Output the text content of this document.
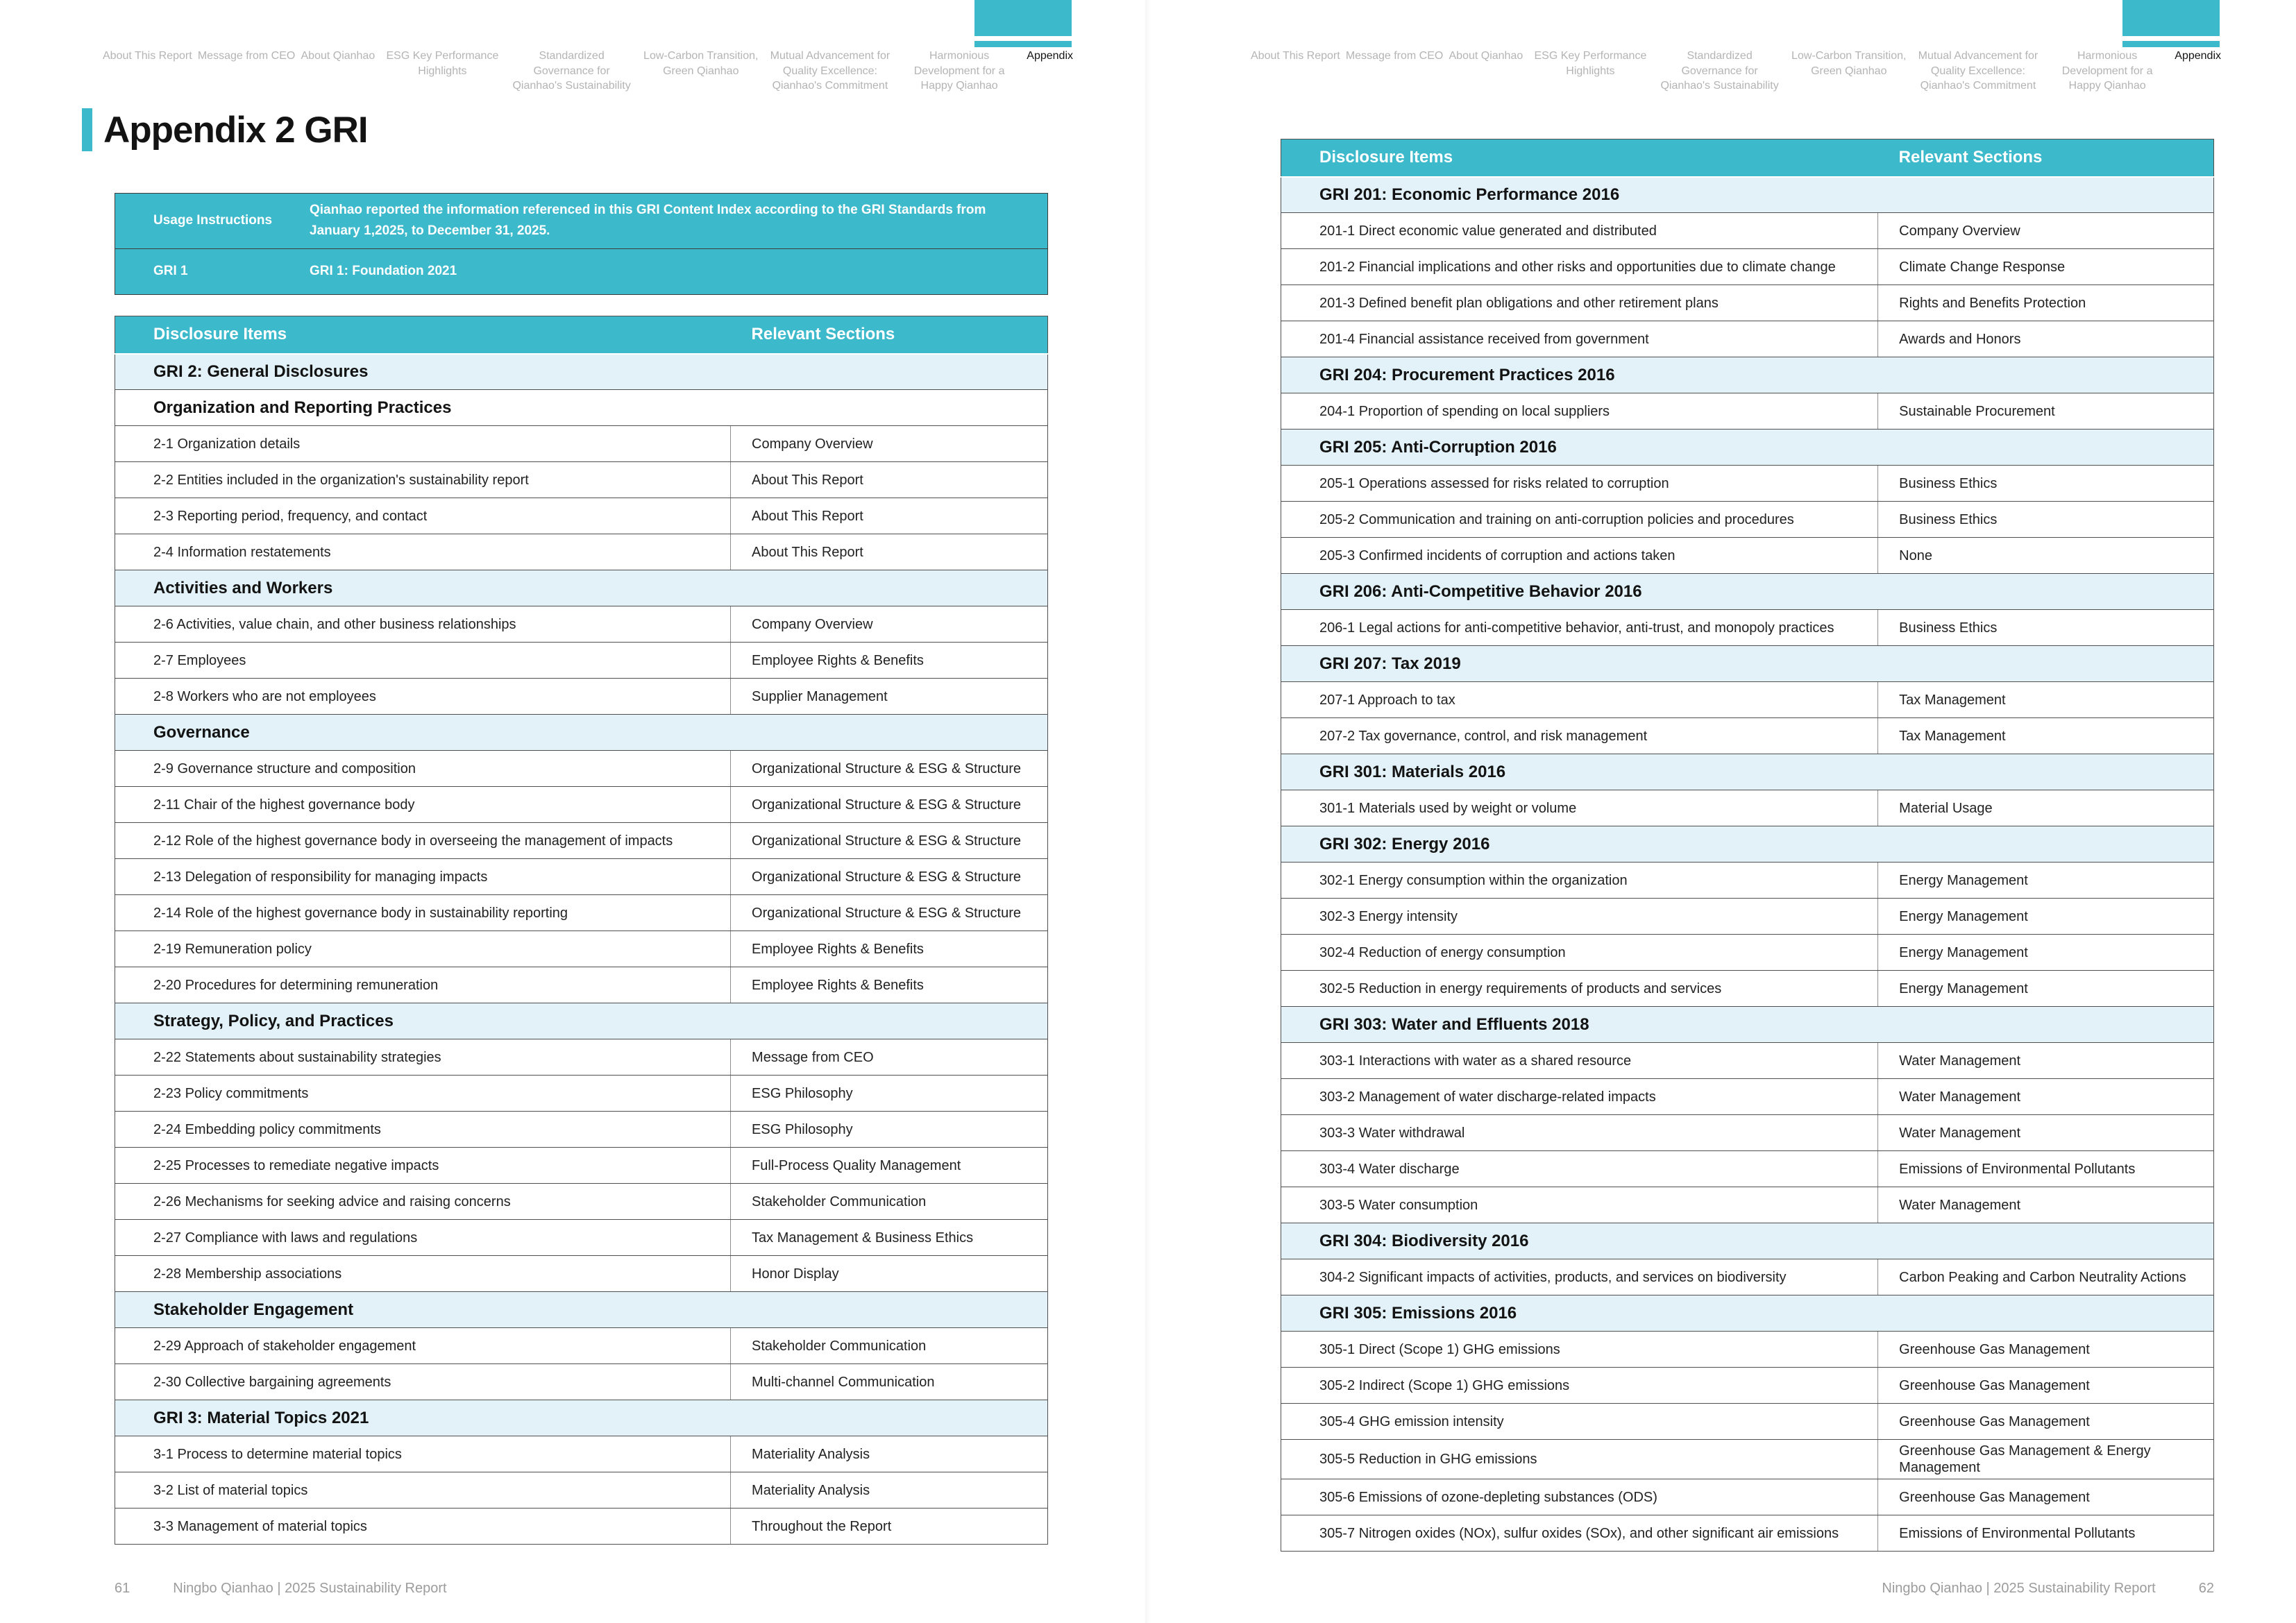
About This Report Message from CEO About Qianhao	ESG Key Performance Highlights
Standardized Governance for Qianhao's Sustainability
Low-Carbon Transition, Green Qianhao
Mutual Advancement for Quality Excellence: Qianhao's Commitment
Harmonious Development for a Happy Qianhao
Appendix
Appendix 2 GRI
Usage Instructions
Qianhao reported the information referenced in this GRI Content Index according to the GRI Standards from January 1,2025, to December 31, 2025.
GRI 1	GRI 1: Foundation 2021
Disclosure Items	Relevant Sections
GRI 2: General Disclosures	
Organization and Reporting Practices	
2-1 Organization details	Company Overview
2-2 Entities included in the organization's sustainability report	About This Report
2-3 Reporting period, frequency, and contact	About This Report
2-4 Information restatements	About This Report
Activities and Workers	
2-6 Activities, value chain, and other business relationships	Company Overview
2-7 Employees	Employee Rights & Benefits
2-8 Workers who are not employees	Supplier Management
Governance	
2-9 Governance structure and composition	Organizational Structure & ESG & Structure
2-11 Chair of the highest governance body	Organizational Structure & ESG & Structure
2-12 Role of the highest governance body in overseeing the management of impacts	Organizational Structure & ESG & Structure
2-13 Delegation of responsibility for managing impacts	Organizational Structure & ESG & Structure
2-14 Role of the highest governance body in sustainability reporting	Organizational Structure & ESG & Structure
2-19 Remuneration policy	Employee Rights & Benefits
2-20 Procedures for determining remuneration	Employee Rights & Benefits
Strategy, Policy, and Practices	
2-22 Statements about sustainability strategies	Message from CEO
2-23 Policy commitments	ESG Philosophy
2-24 Embedding policy commitments	ESG Philosophy
2-25 Processes to remediate negative impacts	Full-Process Quality Management
2-26 Mechanisms for seeking advice and raising concerns	Stakeholder Communication
2-27 Compliance with laws and regulations	Tax Management & Business Ethics
2-28 Membership associations	Honor Display
Stakeholder Engagement	
2-29 Approach of stakeholder engagement	Stakeholder Communication
2-30 Collective bargaining agreements	Multi-channel Communication
GRI 3: Material Topics 2021	
3-1 Process to determine material topics	Materiality Analysis
3-2 List of material topics	Materiality Analysis
3-3 Management of material topics	Throughout the Report
61	Ningbo Qianhao | 2025 Sustainability Report
About This Report Message from CEO About Qianhao	ESG Key Performance Highlights
Standardized Governance for Qianhao's Sustainability
Low-Carbon Transition, Green Qianhao
Mutual Advancement for Quality Excellence: Qianhao's Commitment
Harmonious Development for a Happy Qianhao
Appendix
Disclosure Items	Relevant Sections
GRI 201: Economic Performance 2016	
201-1 Direct economic value generated and distributed	Company Overview
201-2 Financial implications and other risks and opportunities due to climate change	Climate Change Response
201-3 Defined benefit plan obligations and other retirement plans	Rights and Benefits Protection
201-4 Financial assistance received from government	Awards and Honors
GRI 204: Procurement Practices 2016	
204-1 Proportion of spending on local suppliers	Sustainable Procurement
GRI 205: Anti-Corruption 2016	
205-1 Operations assessed for risks related to corruption	Business Ethics
205-2 Communication and training on anti-corruption policies and procedures	Business Ethics
205-3 Confirmed incidents of corruption and actions taken	None
GRI 206: Anti-Competitive Behavior 2016	
206-1 Legal actions for anti-competitive behavior, anti-trust, and monopoly practices	Business Ethics
GRI 207: Tax 2019	
207-1 Approach to tax	Tax Management
207-2 Tax governance, control, and risk management	Tax Management
GRI 301: Materials 2016	
301-1 Materials used by weight or volume	Material Usage
GRI 302: Energy 2016	
302-1 Energy consumption within the organization	Energy Management
302-3 Energy intensity	Energy Management
302-4 Reduction of energy consumption	Energy Management
302-5 Reduction in energy requirements of products and services	Energy Management
GRI 303: Water and Effluents 2018	
303-1 Interactions with water as a shared resource	Water Management
303-2 Management of water discharge-related impacts	Water Management
303-3 Water withdrawal	Water Management
303-4 Water discharge	Emissions of Environmental Pollutants
303-5 Water consumption	Water Management
GRI 304: Biodiversity 2016	
304-2 Significant impacts of activities, products, and services on biodiversity	Carbon Peaking and Carbon Neutrality Actions
GRI 305: Emissions 2016	
305-1 Direct (Scope 1) GHG emissions	Greenhouse Gas Management
305-2 Indirect (Scope 1) GHG emissions	Greenhouse Gas Management
305-4 GHG emission intensity	Greenhouse Gas Management
305-5 Reduction in GHG emissions	Greenhouse Gas Management & Energy Management
305-6 Emissions of ozone-depleting substances (ODS)	Greenhouse Gas Management
305-7 Nitrogen oxides (NOx), sulfur oxides (SOx), and other significant air emissions	Emissions of Environmental Pollutants
Ningbo Qianhao | 2025 Sustainability Report	62
